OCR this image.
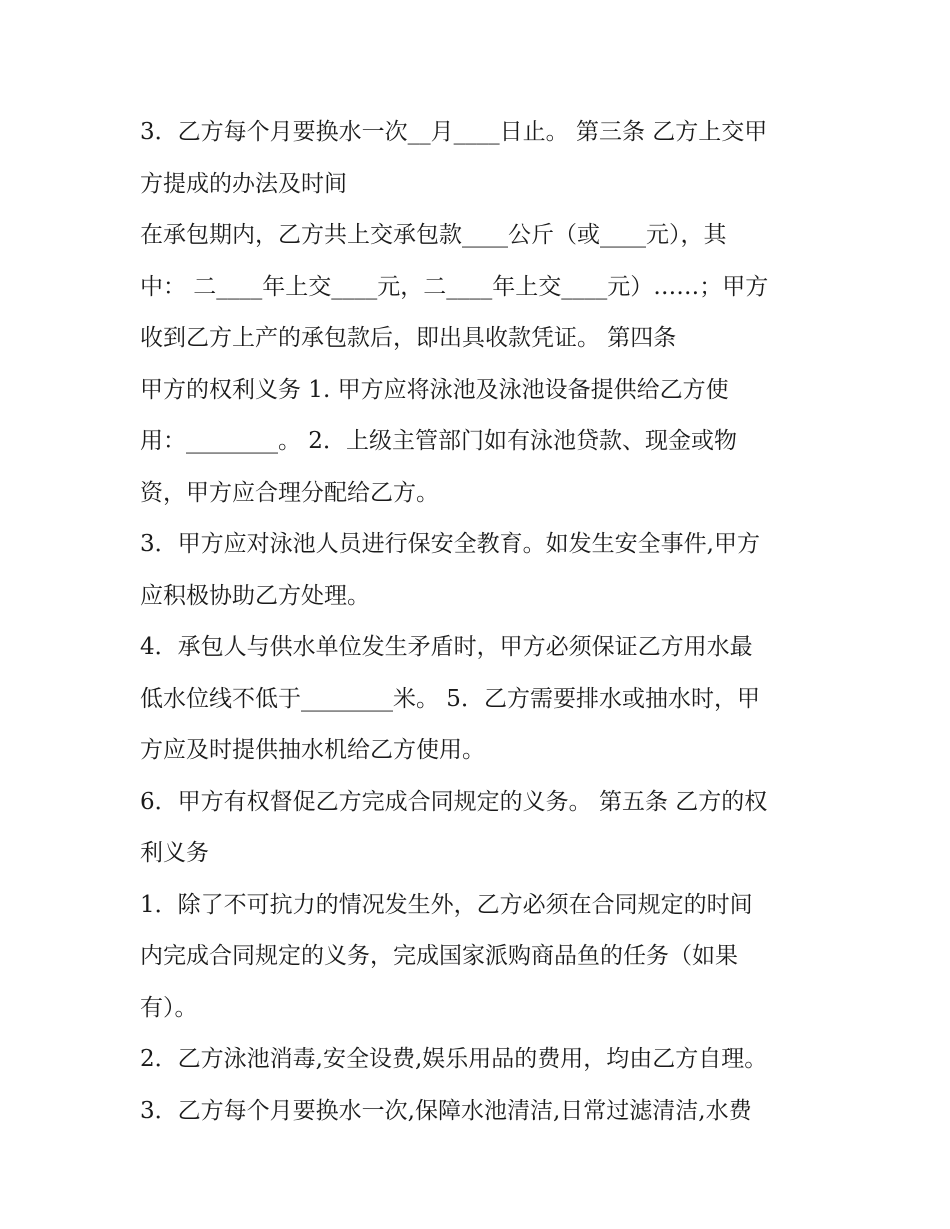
3．乙方每个月要换水一次__月____日止。 第三条 乙方上交甲
方提成的办法及时间
在承包期内，乙方共上交承包款____公斤（或____元），其
中： 二____年上交____元，二____年上交____元）……；甲方
收到乙方上产的承包款后，即出具收款凭证。 第四条
甲方的权利义务 1. 甲方应将泳池及泳池设备提供给乙方使
用：________。 2．上级主管部门如有泳池贷款、现金或物
资，甲方应合理分配给乙方。
3．甲方应对泳池人员进行保安全教育。如发生安全事件,甲方
应积极协助乙方处理。
4．承包人与供水单位发生矛盾时，甲方必须保证乙方用水最
低水位线不低于________米。 5．乙方需要排水或抽水时，甲
方应及时提供抽水机给乙方使用。
6．甲方有权督促乙方完成合同规定的义务。 第五条 乙方的权
利义务
1．除了不可抗力的情况发生外，乙方必须在合同规定的时间
内完成合同规定的义务，完成国家派购商品鱼的任务（如果
有）。
2．乙方泳池消毒,安全设费,娱乐用品的费用，均由乙方自理。
3．乙方每个月要换水一次,保障水池清洁,日常过滤清洁,水费
